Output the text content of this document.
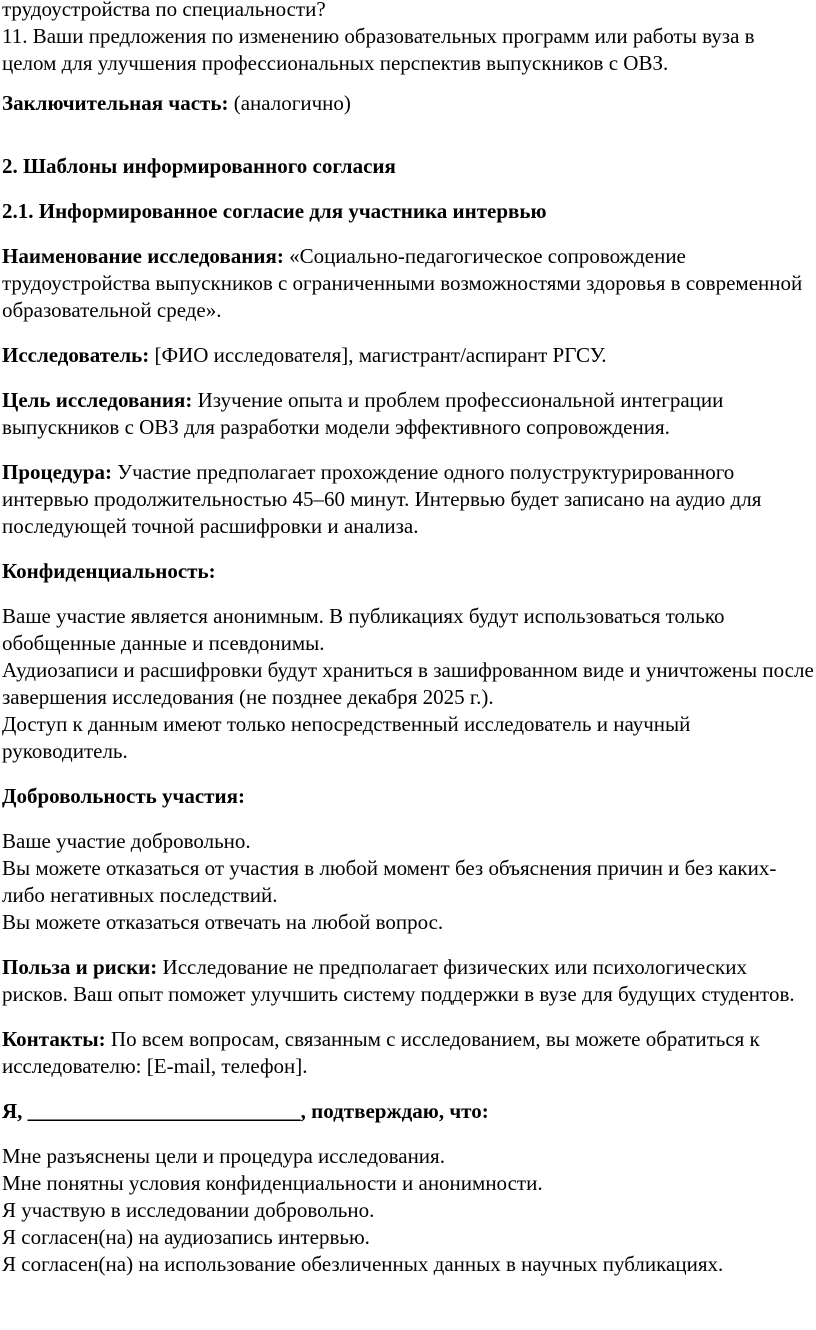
трудоустройства по специальности?

11. Ваши предложения по изменению образовательных программ или работы вуза в целом для улучшения профессиональных перспектив выпускников с ОВЗ.

Заключительная часть: (аналогично)

2. Шаблоны информированного согласия

2.1. Информированное согласие для участника интервью

Наименование исследования: «Социально-педагогическое сопровождение трудоустройства выпускников с ограниченными возможностями здоровья в современной образовательной среде».

Исследователь: [ФИО исследователя], магистрант/аспирант РГСУ.

Цель исследования: Изучение опыта и проблем профессиональной интеграции выпускников с ОВЗ для разработки модели эффективного сопровождения.

Процедура: Участие предполагает прохождение одного полуструктурированного интервью продолжительностью 45–60 минут. Интервью будет записано на аудио для последующей точной расшифровки и анализа.

Конфиденциальность:

Ваше участие является анонимным. В публикациях будут использоваться только обобщенные данные и псевдонимы.

Аудиозаписи и расшифровки будут храниться в зашифрованном виде и уничтожены после завершения исследования (не позднее декабря 2025 г.).

Доступ к данным имеют только непосредственный исследователь и научный руководитель.

Добровольность участия:

Ваше участие добровольно.

Вы можете отказаться от участия в любой момент без объяснения причин и без каких-либо негативных последствий.

Вы можете отказаться отвечать на любой вопрос.

Польза и риски: Исследование не предполагает физических или психологических рисков. Ваш опыт поможет улучшить систему поддержки в вузе для будущих студентов.

Контакты: По всем вопросам, связанным с исследованием, вы можете обратиться к исследователю: [E-mail, телефон].

Я, __________________________, подтверждаю, что:

Мне разъяснены цели и процедура исследования.

Мне понятны условия конфиденциальности и анонимности.

Я участвую в исследовании добровольно.

Я согласен(на) на аудиозапись интервью.

Я согласен(на) на использование обезличенных данных в научных публикациях.
